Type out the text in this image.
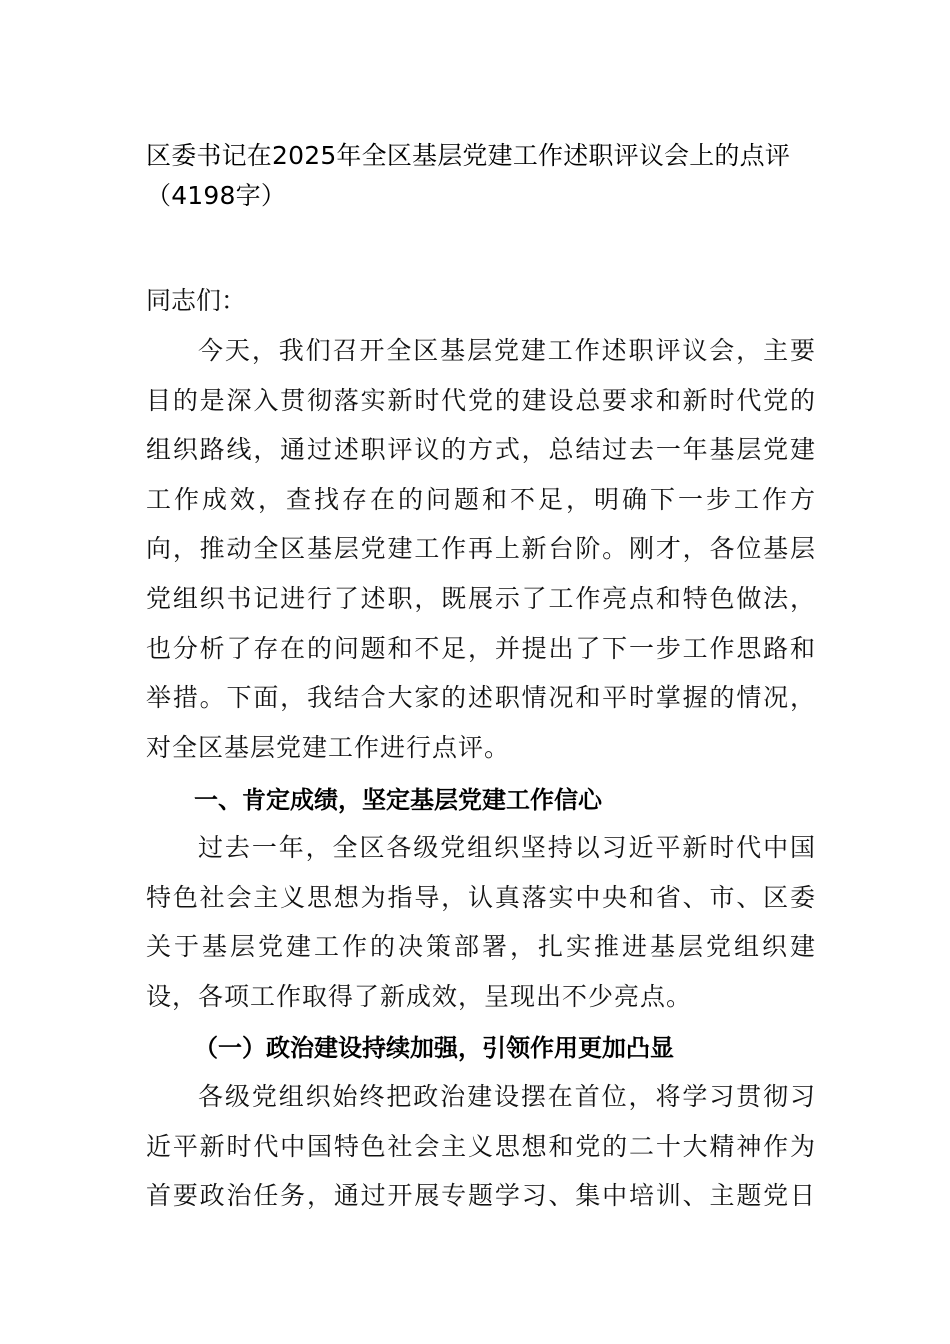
区委书记在2025年全区基层党建工作述职评议会上的点评
（4198字）
同志们：
今天，我们召开全区基层党建工作述职评议会，主要
目的是深入贯彻落实新时代党的建设总要求和新时代党的
组织路线，通过述职评议的方式，总结过去一年基层党建
工作成效，查找存在的问题和不足，明确下一步工作方
向，推动全区基层党建工作再上新台阶。刚才，各位基层
党组织书记进行了述职，既展示了工作亮点和特色做法，
也分析了存在的问题和不足，并提出了下一步工作思路和
举措。下面，我结合大家的述职情况和平时掌握的情况，
对全区基层党建工作进行点评。
一、肯定成绩，坚定基层党建工作信心
过去一年，全区各级党组织坚持以习近平新时代中国
特色社会主义思想为指导，认真落实中央和省、市、区委
关于基层党建工作的决策部署，扎实推进基层党组织建
设，各项工作取得了新成效，呈现出不少亮点。
（一）政治建设持续加强，引领作用更加凸显
各级党组织始终把政治建设摆在首位，将学习贯彻习
近平新时代中国特色社会主义思想和党的二十大精神作为
首要政治任务，通过开展专题学习、集中培训、主题党日
